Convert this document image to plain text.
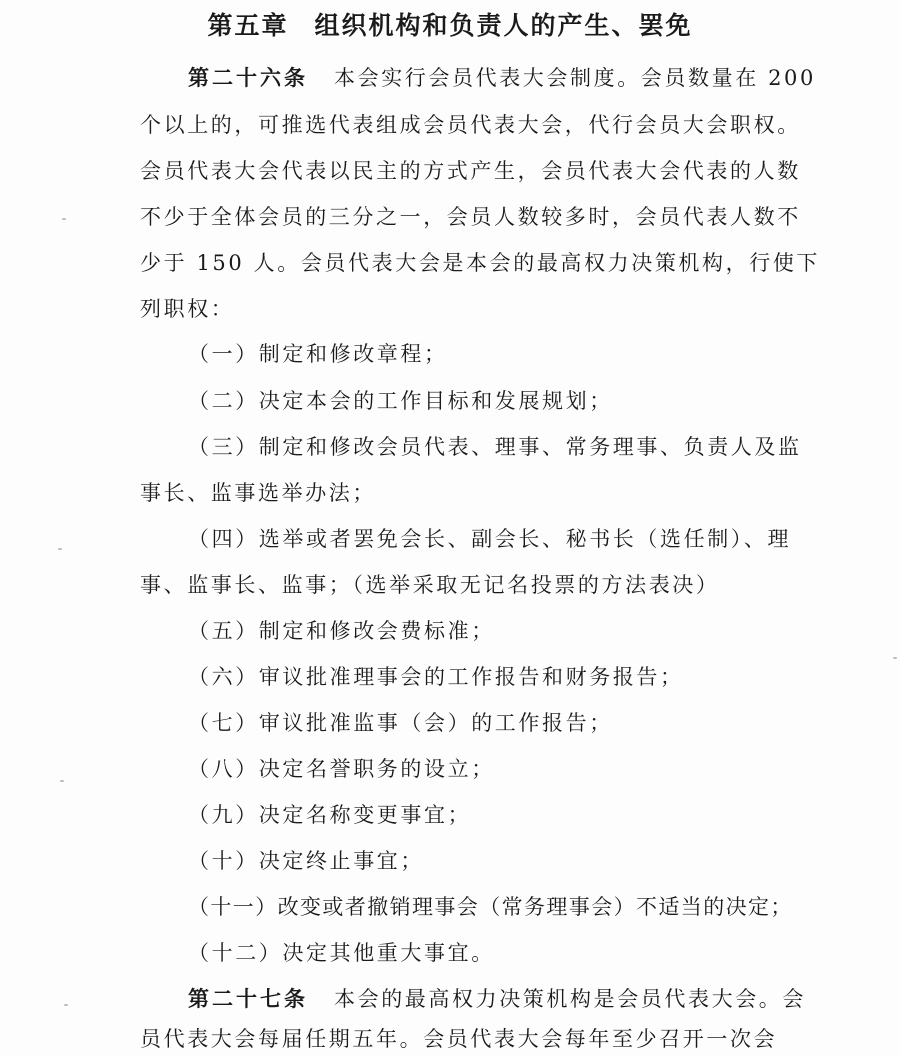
第五章 组织机构和负责人的产生、罢免
第二十六条 本会实行会员代表大会制度。会员数量在 200
个以上的，可推选代表组成会员代表大会，代行会员大会职权。
会员代表大会代表以民主的方式产生，会员代表大会代表的人数
不少于全体会员的三分之一，会员人数较多时，会员代表人数不
少于 150 人。会员代表大会是本会的最高权力决策机构，行使下
列职权：
（一）制定和修改章程；
（二）决定本会的工作目标和发展规划；
（三）制定和修改会员代表、理事、常务理事、负责人及监
事长、监事选举办法；
（四）选举或者罢免会长、副会长、秘书长（选任制）、理
事、监事长、监事；（选举采取无记名投票的方法表决）
（五）制定和修改会费标准；
（六）审议批准理事会的工作报告和财务报告；
（七）审议批准监事（会）的工作报告；
（八）决定名誉职务的设立；
（九）决定名称变更事宜；
（十）决定终止事宜；
（十一）改变或者撤销理事会（常务理事会）不适当的决定；
（十二）决定其他重大事宜。
第二十七条 本会的最高权力决策机构是会员代表大会。会
员代表大会每届任期五年。会员代表大会每年至少召开一次会
